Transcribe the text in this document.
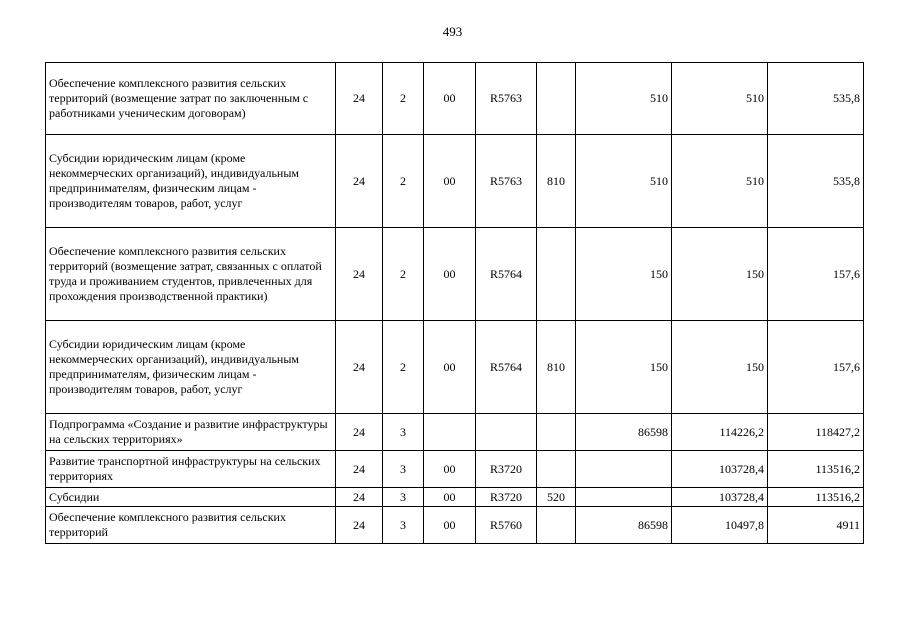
493
Обеспечение комплексного развития сельских территорий (возмещение затрат по заключенным с работниками ученическим договорам)	24	2	00	R5763		510	510	535,8
Субсидии юридическим лицам (кроме некоммерческих организаций), индивидуальным предпринимателям, физическим лицам - производителям товаров, работ, услуг	24	2	00	R5763	810	510	510	535,8
Обеспечение комплексного развития сельских территорий (возмещение затрат, связанных с оплатой труда и проживанием студентов, привлеченных для прохождения производственной практики)	24	2	00	R5764		150	150	157,6
Субсидии юридическим лицам (кроме некоммерческих организаций), индивидуальным предпринимателям, физическим лицам - производителям товаров, работ, услуг	24	2	00	R5764	810	150	150	157,6
Подпрограмма «Создание и развитие инфраструктуры на сельских территориях»	24	3				86598	114226,2	118427,2
Развитие транспортной инфраструктуры на сельских территориях	24	3	00	R3720			103728,4	113516,2
Субсидии	24	3	00	R3720	520		103728,4	113516,2
Обеспечение комплексного развития сельских территорий	24	3	00	R5760		86598	10497,8	4911
